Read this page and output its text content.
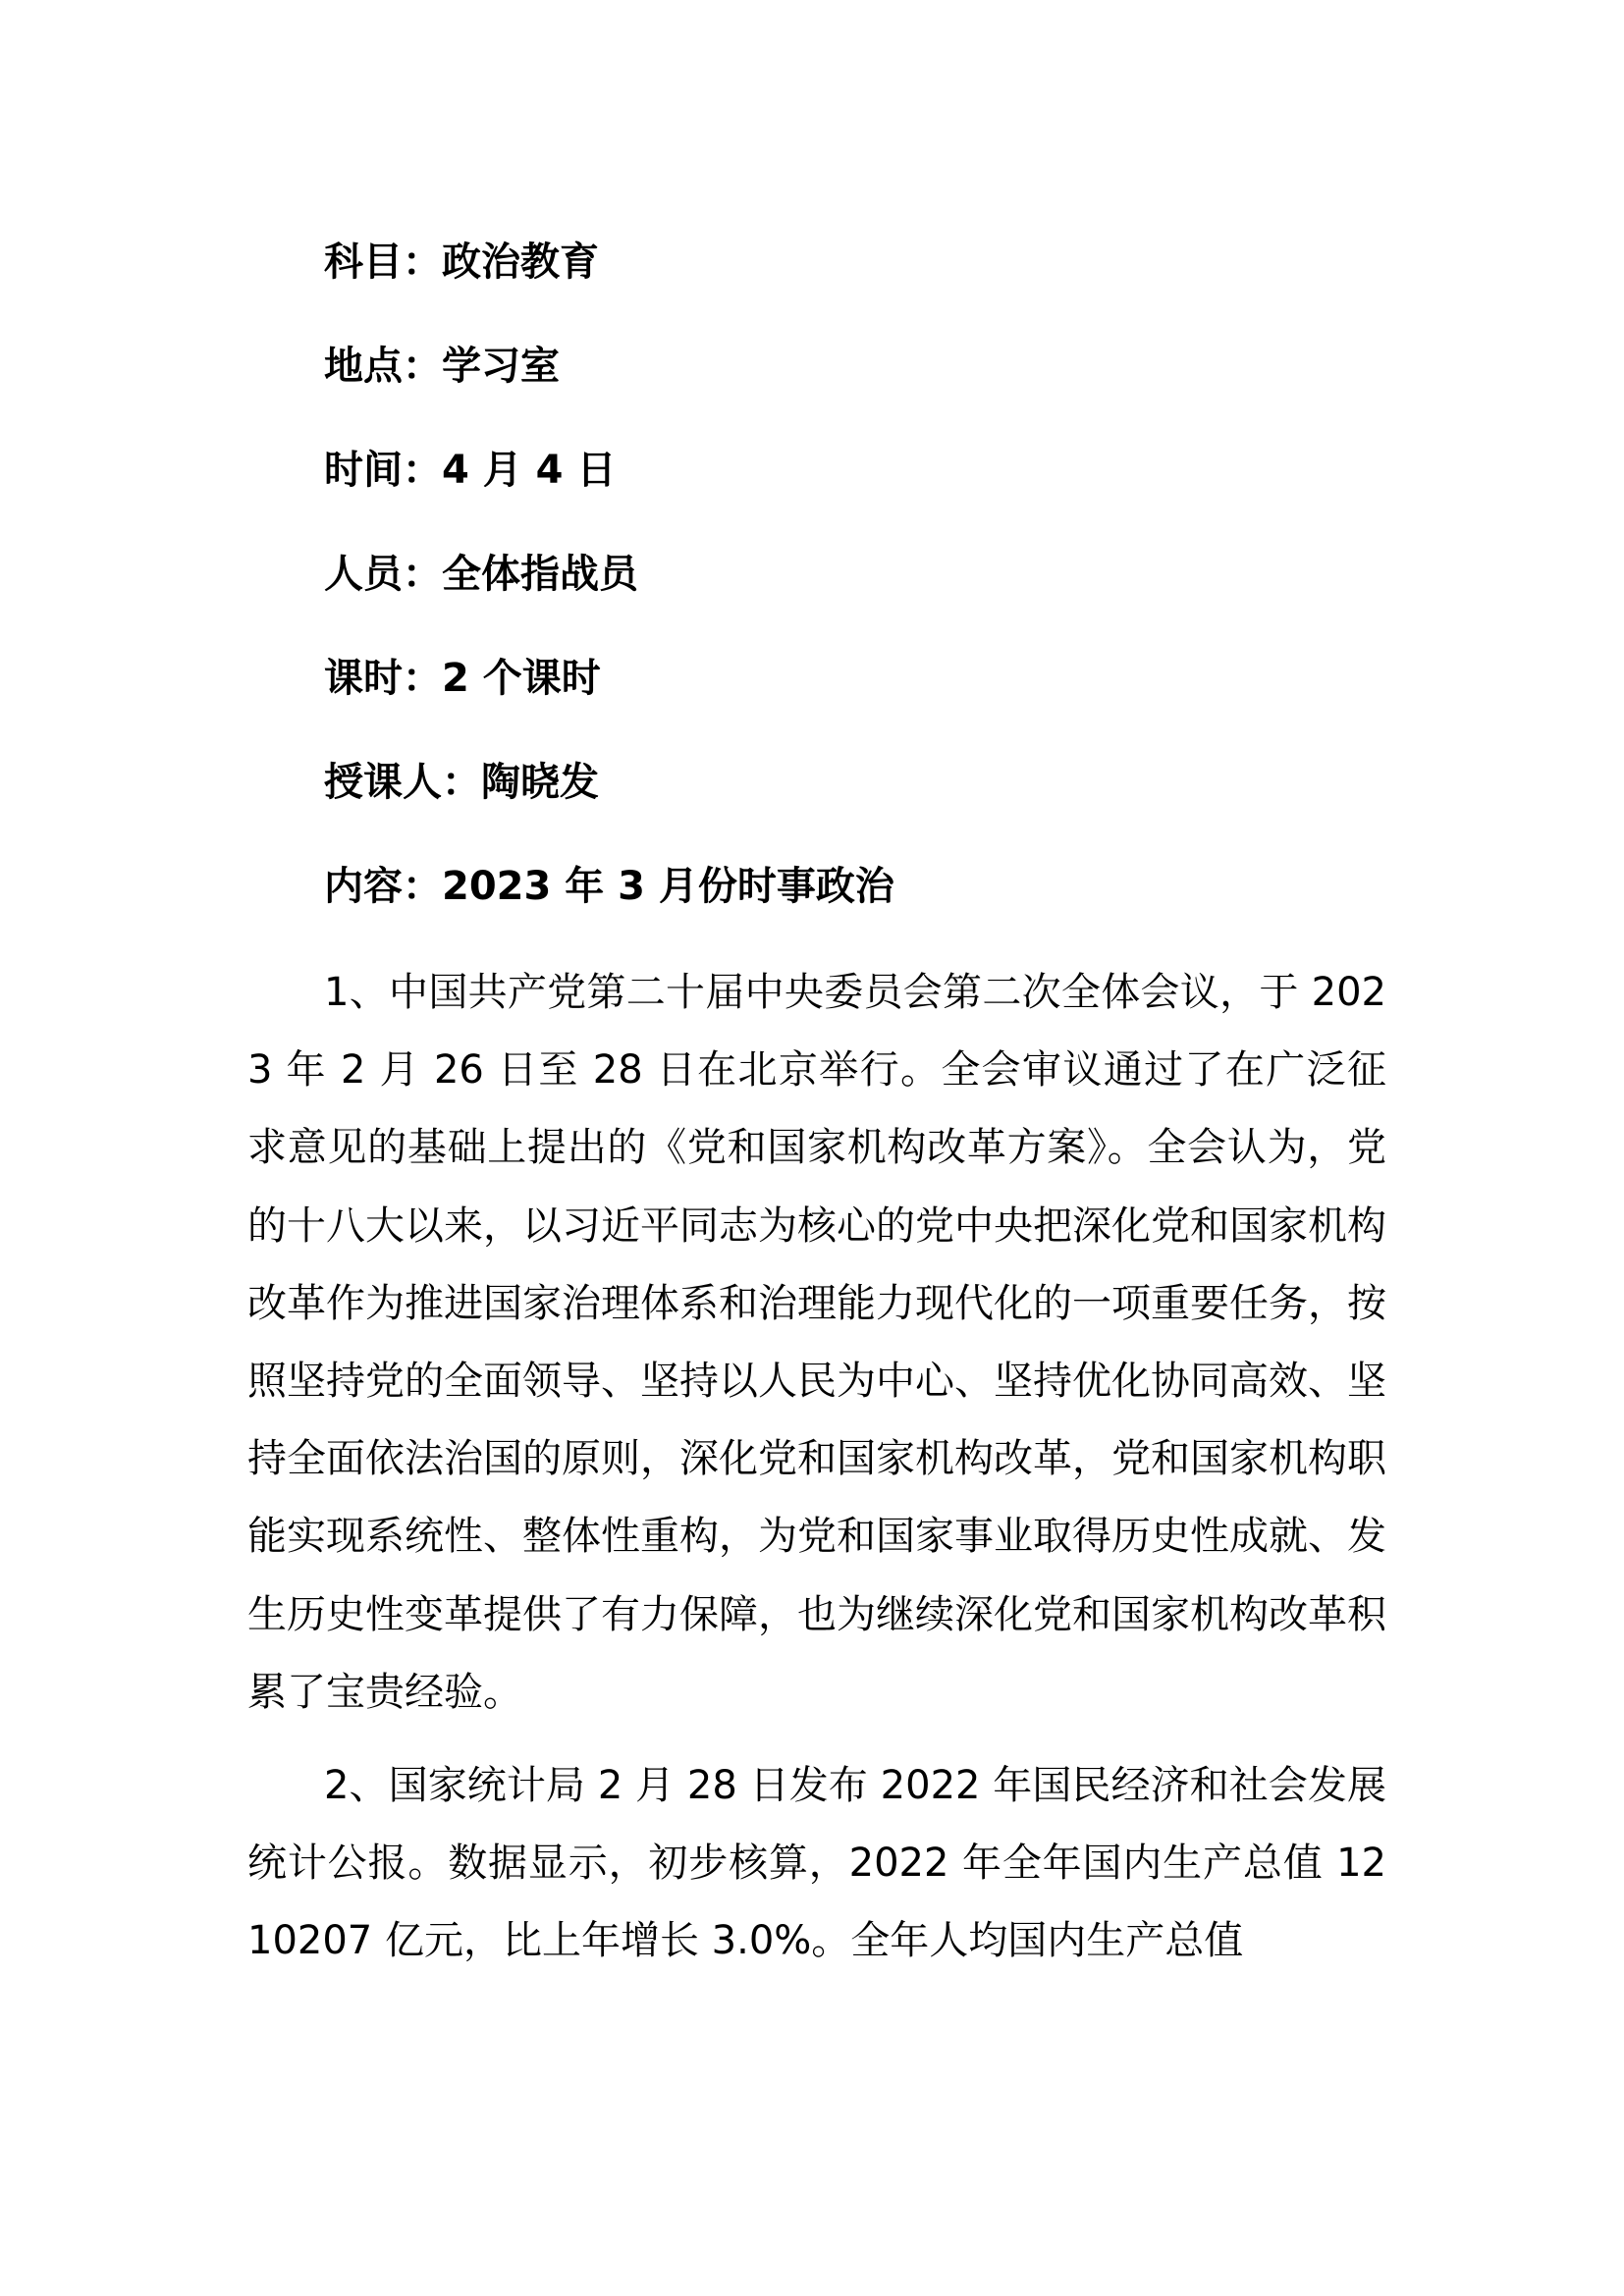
科目：政治教育
地点：学习室
时间：4 月 4 日
人员：全体指战员
课时：2 个课时
授课人：陶晓发
内容：2023 年 3 月份时事政治

1、中国共产党第二十届中央委员会第二次全体会议，于 2023 年 2 月 26 日至 28 日在北京举行。全会审议通过了在广泛征求意见的基础上提出的《党和国家机构改革方案》。全会认为，党的十八大以来，以习近平同志为核心的党中央把深化党和国家机构改革作为推进国家治理体系和治理能力现代化的一项重要任务，按照坚持党的全面领导、坚持以人民为中心、坚持优化协同高效、坚持全面依法治国的原则，深化党和国家机构改革，党和国家机构职能实现系统性、整体性重构，为党和国家事业取得历史性成就、发生历史性变革提供了有力保障，也为继续深化党和国家机构改革积累了宝贵经验。

2、国家统计局 2 月 28 日发布 2022 年国民经济和社会发展统计公报。数据显示，初步核算，2022 年全年国内生产总值 1210207 亿元，比上年增长 3.0%。全年人均国内生产总值
